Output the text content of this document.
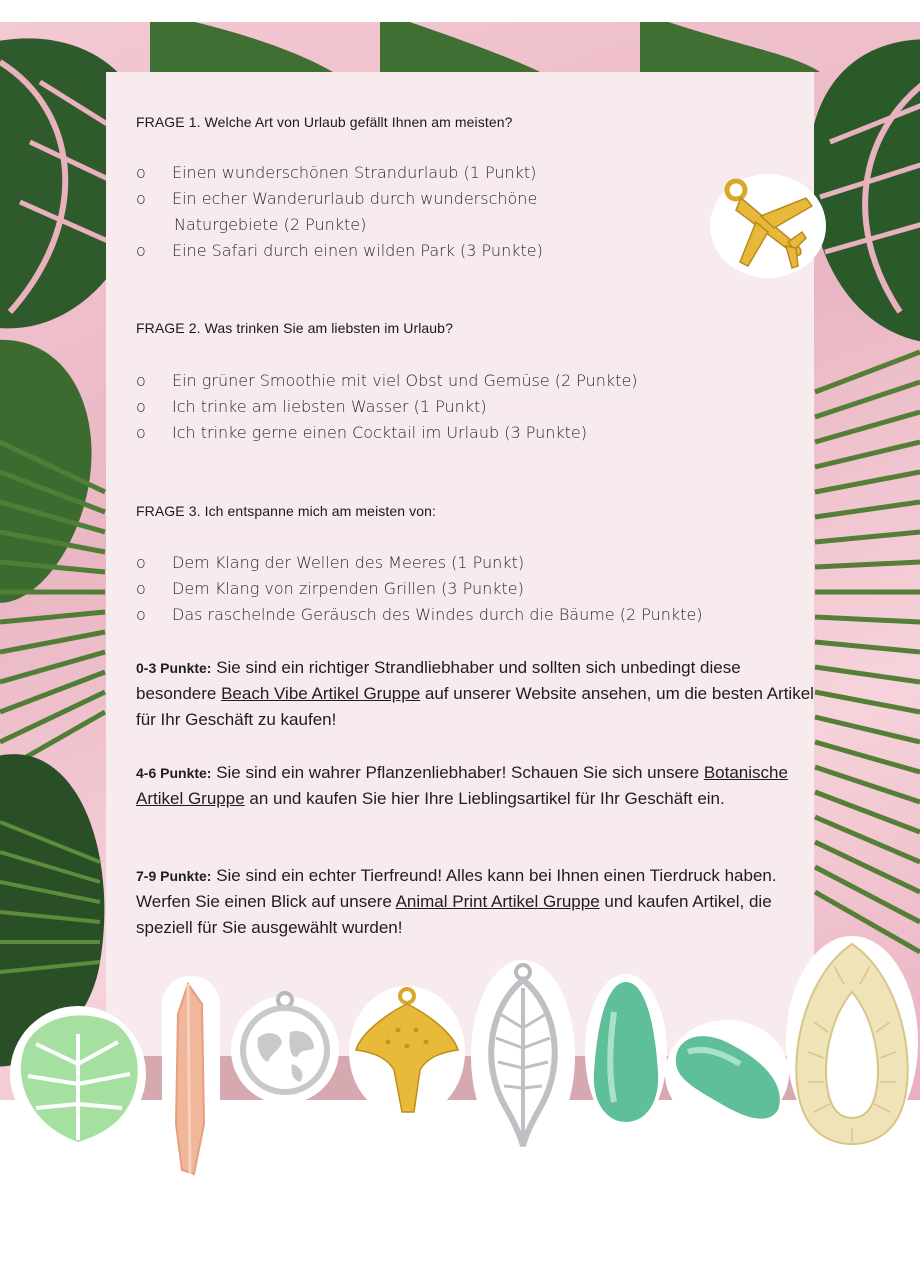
FRAGE 1. Welche Art von Urlaub gefällt Ihnen am meisten?
o Einen wunderschönen Strandurlaub (1 Punkt)
o Ein echer Wanderurlaub durch wunderschöne
Naturgebiete (2 Punkte)
o Eine Safari durch einen wilden Park (3 Punkte)
FRAGE 2. Was trinken Sie am liebsten im Urlaub?
o Ein grüner Smoothie mit viel Obst und Gemüse (2 Punkte)
o Ich trinke am liebsten Wasser (1 Punkt)
o Ich trinke gerne einen Cocktail im Urlaub (3 Punkte)
FRAGE 3. Ich entspanne mich am meisten von:
o Dem Klang der Wellen des Meeres (1 Punkt)
o Dem Klang von zirpenden Grillen (3 Punkte)
o Das raschelnde Geräusch des Windes durch die Bäume (2 Punkte)
0-3 Punkte: Sie sind ein richtiger Strandliebhaber und sollten sich unbedingt diese besondere Beach Vibe Artikel Gruppe auf unserer Website ansehen, um die besten Artikel für Ihr Geschäft zu kaufen!
4-6 Punkte: Sie sind ein wahrer Pflanzenliebhaber! Schauen Sie sich unsere Botanische Artikel Gruppe an und kaufen Sie hier Ihre Lieblingsartikel für Ihr Geschäft ein.
7-9 Punkte: Sie sind ein echter Tierfreund! Alles kann bei Ihnen einen Tierdruck haben. Werfen Sie einen Blick auf unsere Animal Print Artikel Gruppe und kaufen Artikel, die speziell für Sie ausgewählt wurden!
